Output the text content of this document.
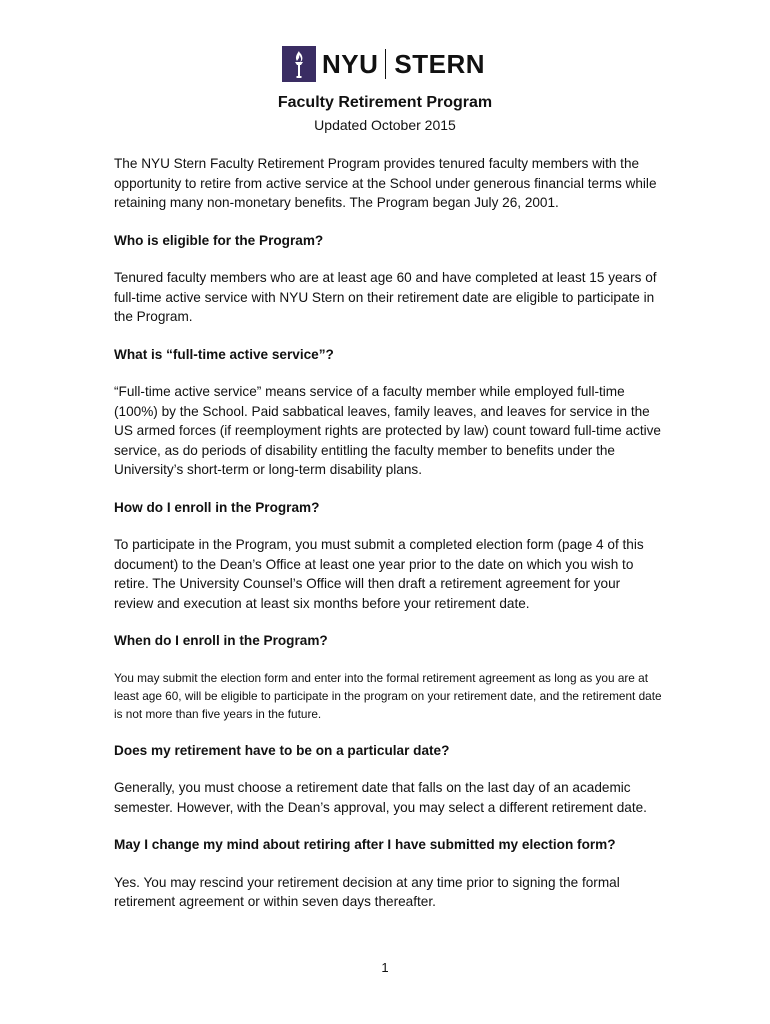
NYU STERN
Faculty Retirement Program
Updated October 2015

The NYU Stern Faculty Retirement Program provides tenured faculty members with the opportunity to retire from active service at the School under generous financial terms while retaining many non-monetary benefits. The Program began July 26, 2001.

Who is eligible for the Program?

Tenured faculty members who are at least age 60 and have completed at least 15 years of full-time active service with NYU Stern on their retirement date are eligible to participate in the Program.

What is “full-time active service”?

“Full-time active service” means service of a faculty member while employed full-time (100%) by the School. Paid sabbatical leaves, family leaves, and leaves for service in the US armed forces (if reemployment rights are protected by law) count toward full-time active service, as do periods of disability entitling the faculty member to benefits under the University’s short-term or long-term disability plans.

How do I enroll in the Program?

To participate in the Program, you must submit a completed election form (page 4 of this document) to the Dean’s Office at least one year prior to the date on which you wish to retire. The University Counsel’s Office will then draft a retirement agreement for your review and execution at least six months before your retirement date.

When do I enroll in the Program?

You may submit the election form and enter into the formal retirement agreement as long as you are at least age 60, will be eligible to participate in the program on your retirement date, and the retirement date is not more than five years in the future.

Does my retirement have to be on a particular date?

Generally, you must choose a retirement date that falls on the last day of an academic semester. However, with the Dean’s approval, you may select a different retirement date.

May I change my mind about retiring after I have submitted my election form?

Yes. You may rescind your retirement decision at any time prior to signing the formal retirement agreement or within seven days thereafter.

1
